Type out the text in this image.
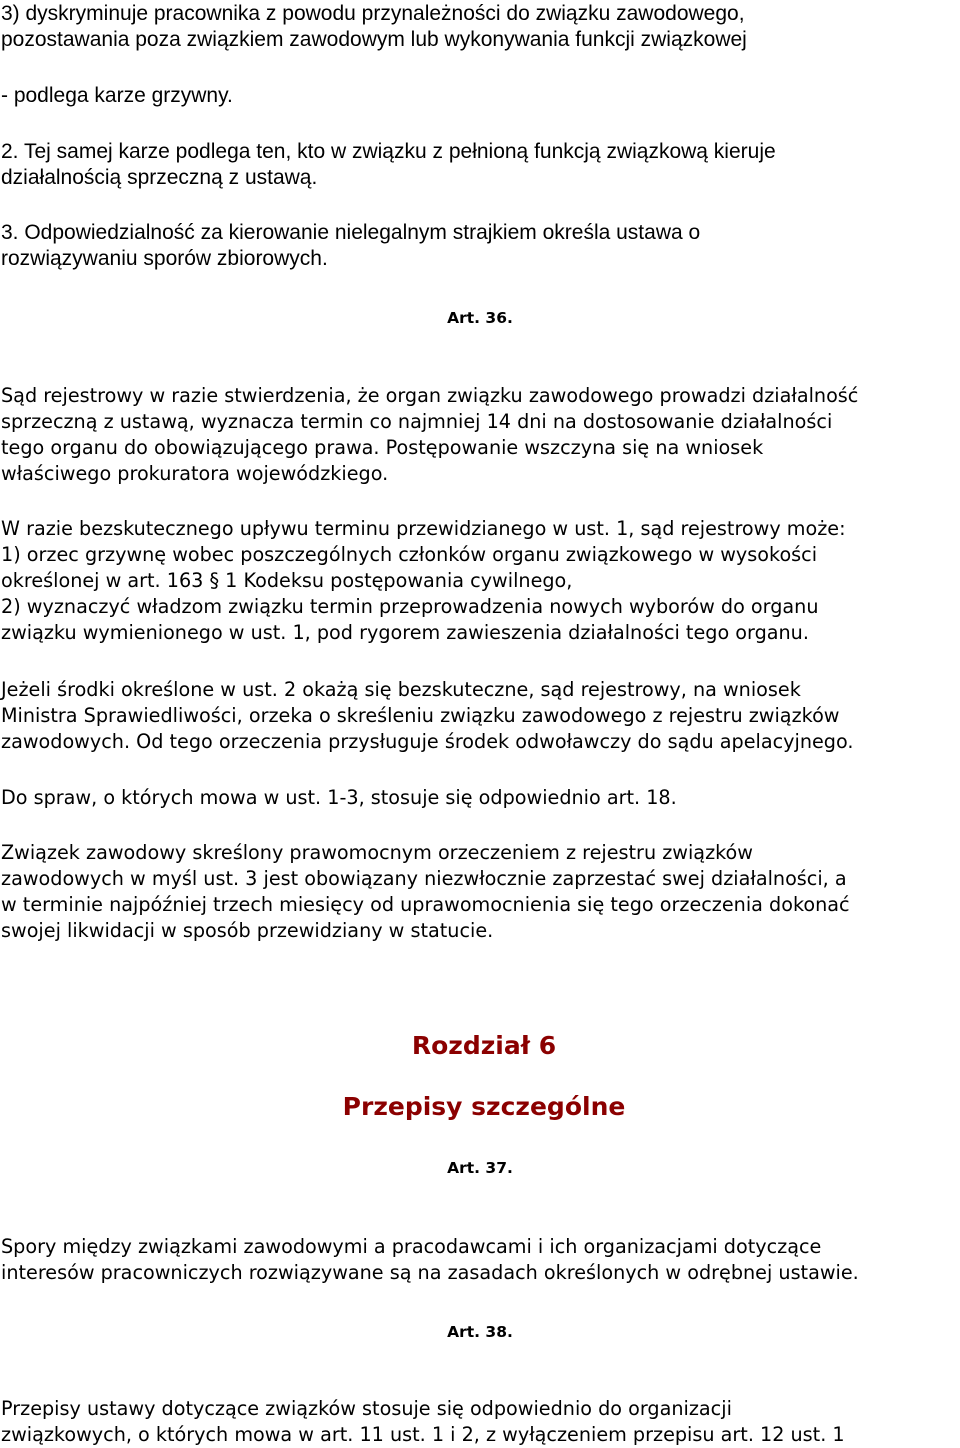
3) dyskryminuje pracownika z powodu przynależności do związku zawodowego,
pozostawania poza związkiem zawodowym lub wykonywania funkcji związkowej
- podlega karze grzywny.
2. Tej samej karze podlega ten, kto w związku z pełnioną funkcją związkową kieruje
działalnością sprzeczną z ustawą.
3. Odpowiedzialność za kierowanie nielegalnym strajkiem określa ustawa o
rozwiązywaniu sporów zbiorowych.
Art. 36.
Sąd rejestrowy w razie stwierdzenia, że organ związku zawodowego prowadzi działalność
sprzeczną z ustawą, wyznacza termin co najmniej 14 dni na dostosowanie działalności
tego organu do obowiązującego prawa. Postępowanie wszczyna się na wniosek
właściwego prokuratora wojewódzkiego.
W razie bezskutecznego upływu terminu przewidzianego w ust. 1, sąd rejestrowy może:
1) orzec grzywnę wobec poszczególnych członków organu związkowego w wysokości
określonej w art. 163 § 1 Kodeksu postępowania cywilnego,
2) wyznaczyć władzom związku termin przeprowadzenia nowych wyborów do organu
związku wymienionego w ust. 1, pod rygorem zawieszenia działalności tego organu.
Jeżeli środki określone w ust. 2 okażą się bezskuteczne, sąd rejestrowy, na wniosek
Ministra Sprawiedliwości, orzeka o skreśleniu związku zawodowego z rejestru związków
zawodowych. Od tego orzeczenia przysługuje środek odwoławczy do sądu apelacyjnego.
Do spraw, o których mowa w ust. 1-3, stosuje się odpowiednio art. 18.
Związek zawodowy skreślony prawomocnym orzeczeniem z rejestru związków
zawodowych w myśl ust. 3 jest obowiązany niezwłocznie zaprzestać swej działalności, a
w terminie najpóźniej trzech miesięcy od uprawomocnienia się tego orzeczenia dokonać
swojej likwidacji w sposób przewidziany w statucie.
Rozdział 6
Przepisy szczególne
Art. 37.
Spory między związkami zawodowymi a pracodawcami i ich organizacjami dotyczące
interesów pracowniczych rozwiązywane są na zasadach określonych w odrębnej ustawie.
Art. 38.
Przepisy ustawy dotyczące związków stosuje się odpowiednio do organizacji
związkowych, o których mowa w art. 11 ust. 1 i 2, z wyłączeniem przepisu art. 12 ust. 1
